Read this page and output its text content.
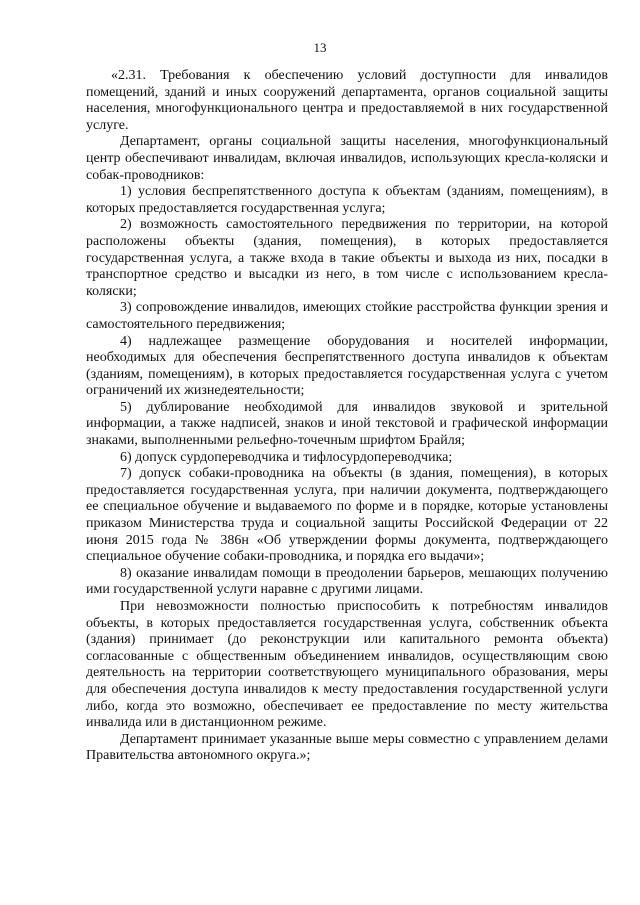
13

«2.31. Требования к обеспечению условий доступности для инвалидов помещений, зданий и иных сооружений департамента, органов социальной защиты населения, многофункционального центра и предоставляемой в них государственной услуге.

Департамент, органы социальной защиты населения, многофункциональный центр обеспечивают инвалидам, включая инвалидов, использующих кресла-коляски и собак-проводников:

1) условия беспрепятственного доступа к объектам (зданиям, помещениям), в которых предоставляется государственная услуга;

2) возможность самостоятельного передвижения по территории, на которой расположены объекты (здания, помещения), в которых предоставляется государственная услуга, а также входа в такие объекты и выхода из них, посадки в транспортное средство и высадки из него, в том числе с использованием кресла-коляски;

3) сопровождение инвалидов, имеющих стойкие расстройства функции зрения и самостоятельного передвижения;

4) надлежащее размещение оборудования и носителей информации, необходимых для обеспечения беспрепятственного доступа инвалидов к объектам (зданиям, помещениям), в которых предоставляется государственная услуга с учетом ограничений их жизнедеятельности;

5) дублирование необходимой для инвалидов звуковой и зрительной информации, а также надписей, знаков и иной текстовой и графической информации знаками, выполненными рельефно-точечным шрифтом Брайля;

6) допуск сурдопереводчика и тифлосурдопереводчика;

7) допуск собаки-проводника на объекты (в здания, помещения), в которых предоставляется государственная услуга, при наличии документа, подтверждающего ее специальное обучение и выдаваемого по форме и в порядке, которые установлены приказом Министерства труда и социальной защиты Российской Федерации от 22 июня 2015 года № 386н «Об утверждении формы документа, подтверждающего специальное обучение собаки-проводника, и порядка его выдачи»;

8) оказание инвалидам помощи в преодолении барьеров, мешающих получению ими государственной услуги наравне с другими лицами.

При невозможности полностью приспособить к потребностям инвалидов объекты, в которых предоставляется государственная услуга, собственник объекта (здания) принимает (до реконструкции или капитального ремонта объекта) согласованные с общественным объединением инвалидов, осуществляющим свою деятельность на территории соответствующего муниципального образования, меры для обеспечения доступа инвалидов к месту предоставления государственной услуги либо, когда это возможно, обеспечивает ее предоставление по месту жительства инвалида или в дистанционном режиме.

Департамент принимает указанные выше меры совместно с управлением делами Правительства автономного округа.»;
